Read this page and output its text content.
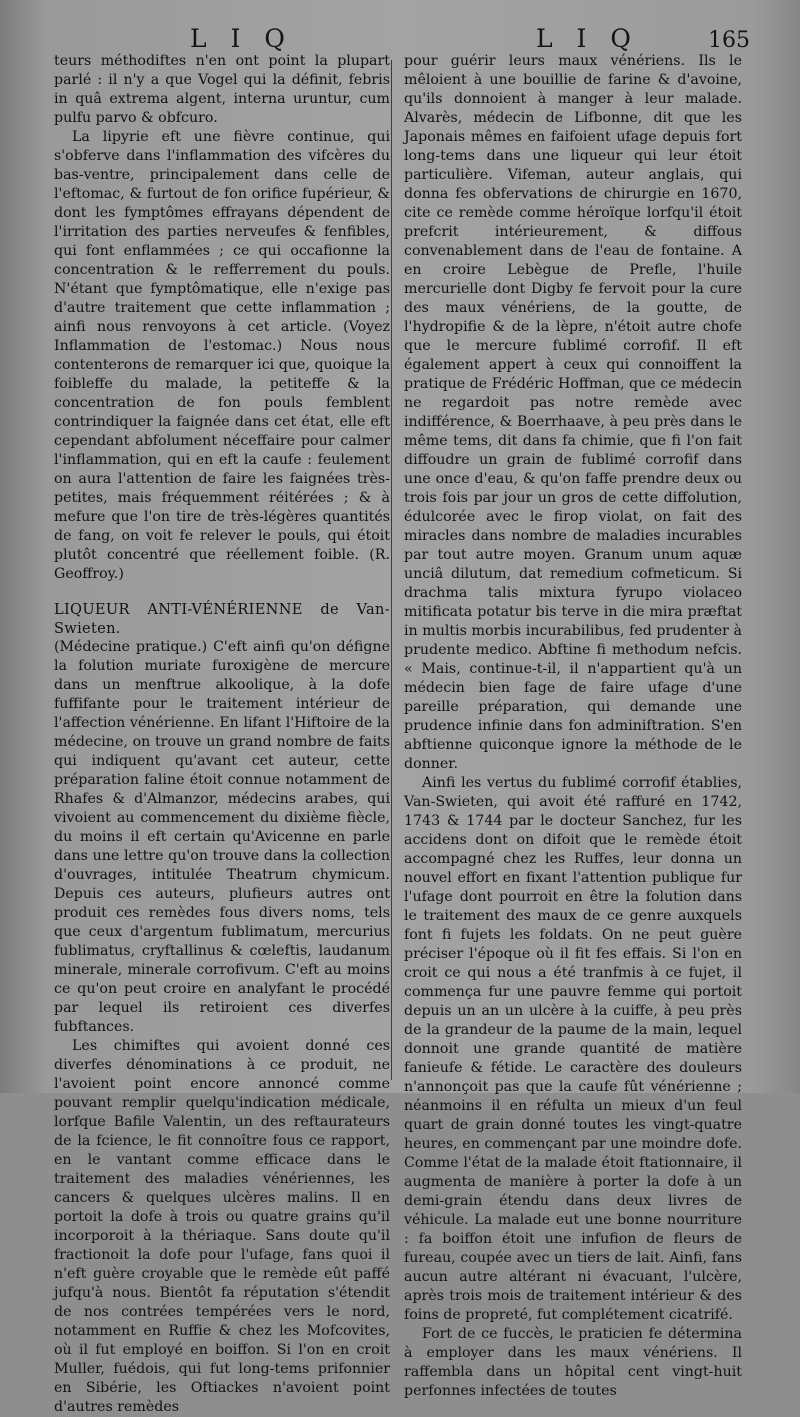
L I Q	L I Q	165

teurs méthodiftes n'en ont point la plupart parlé : il n'y a que Vogel qui la définit, febris in quâ extrema algent, interna uruntur, cum pulfu parvo & obfcuro.

La lipyrie eft une fièvre continue, qui s'obferve dans l'inflammation des vifcères du bas-ventre, principalement dans celle de l'eftomac, & furtout de fon orifice fupérieur, & dont les fymptômes effrayans dépendent de l'irritation des parties nerveufes & fenfibles, qui font enflammées ; ce qui occafionne la concentration & le refferrement du pouls. N'étant que fymptômatique, elle n'exige pas d'autre traitement que cette inflammation ; ainfi nous renvoyons à cet article. (Voyez Inflammation de l'estomac.) Nous nous contenterons de remarquer ici que, quoique la foibleffe du malade, la petiteffe & la concentration de fon pouls femblent contrindiquer la faignée dans cet état, elle eft cependant abfolument néceffaire pour calmer l'inflammation, qui en eft la caufe : feulement on aura l'attention de faire les faignées très-petites, mais fréquemment réitérées ; & à mefure que l'on tire de très-légères quantités de fang, on voit fe relever le pouls, qui étoit plutôt concentré que réellement foible. (R. Geoffroy.)

LIQUEUR ANTI-VÉNÉRIENNE de Van-Swieten.

(Médecine pratique.) C'eft ainfi qu'on défigne la folution muriate furoxigène de mercure dans un menftrue alkoolique, à la dofe fuffifante pour le traitement intérieur de l'affection vénérienne. En lifant l'Hiftoire de la médecine, on trouve un grand nombre de faits qui indiquent qu'avant cet auteur, cette préparation faline étoit connue notamment de Rhafes & d'Almanzor, médecins arabes, qui vivoient au commencement du dixième fiècle, du moins il eft certain qu'Avicenne en parle dans une lettre qu'on trouve dans la collection d'ouvrages, intitulée Theatrum chymicum. Depuis ces auteurs, plufieurs autres ont produit ces remèdes fous divers noms, tels que ceux d'argentum fublimatum, mercurius fublimatus, cryftallinus & cœleftis, laudanum minerale, minerale corrofivum. C'eft au moins ce qu'on peut croire en analyfant le procédé par lequel ils retiroient ces diverfes fubftances.

Les chimiftes qui avoient donné ces diverfes dénominations à ce produit, ne l'avoient point encore annoncé comme pouvant remplir quelqu'indication médicale, lorfque Bafile Valentin, un des reftaurateurs de la fcience, le fit connoître fous ce rapport, en le vantant comme efficace dans le traitement des maladies vénériennes, les cancers & quelques ulcères malins. Il en portoit la dofe à trois ou quatre grains qu'il incorporoit à la thériaque. Sans doute qu'il fractionoit la dofe pour l'ufage, fans quoi il n'eft guère croyable que le remède eût paffé jufqu'à nous. Bientôt fa réputation s'étendit de nos contrées tempérées vers le nord, notamment en Ruffie & chez les Mofcovites, où il fut employé en boiffon. Si l'on en croit Muller, fuédois, qui fut long-tems prifonnier en Sibérie, les Oftiackes n'avoient point d'autres remèdes

pour guérir leurs maux vénériens. Ils le mêloient à une bouillie de farine & d'avoine, qu'ils donnoient à manger à leur malade. Alvarès, médecin de Lifbonne, dit que les Japonais mêmes en faifoient ufage depuis fort long-tems dans une liqueur qui leur étoit particulière. Vifeman, auteur anglais, qui donna fes obfervations de chirurgie en 1670, cite ce remède comme héroïque lorfqu'il étoit prefcrit intérieurement, & diffous convenablement dans de l'eau de fontaine. A en croire Lebègue de Prefle, l'huile mercurielle dont Digby fe fervoit pour la cure des maux vénériens, de la goutte, de l'hydropifie & de la lèpre, n'étoit autre chofe que le mercure fublimé corrofif. Il eft également appert à ceux qui connoiffent la pratique de Frédéric Hoffman, que ce médecin ne regardoit pas notre remède avec indifférence, & Boerrhaave, à peu près dans le même tems, dit dans fa chimie, que fi l'on fait diffoudre un grain de fublimé corrofif dans une once d'eau, & qu'on faffe prendre deux ou trois fois par jour un gros de cette diffolution, édulcorée avec le firop violat, on fait des miracles dans nombre de maladies incurables par tout autre moyen. Granum unum aquæ unciâ dilutum, dat remedium cofmeticum. Si drachma talis mixtura fyrupo violaceo mitificata potatur bis terve in die mira præftat in multis morbis incurabilibus, fed prudenter à prudente medico. Abftine fi methodum nefcis. « Mais, continue-t-il, il n'appartient qu'à un médecin bien fage de faire ufage d'une pareille préparation, qui demande une prudence infinie dans fon adminiftration. S'en abftienne quiconque ignore la méthode de le donner.

Ainfi les vertus du fublimé corrofif établies, Van-Swieten, qui avoit été raffuré en 1742, 1743 & 1744 par le docteur Sanchez, fur les accidens dont on difoit que le remède étoit accompagné chez les Ruffes, leur donna un nouvel effort en fixant l'attention publique fur l'ufage dont pourroit en être la folution dans le traitement des maux de ce genre auxquels font fi fujets les foldats. On ne peut guère préciser l'époque où il fit fes effais. Si l'on en croit ce qui nous a été tranfmis à ce fujet, il commença fur une pauvre femme qui portoit depuis un an un ulcère à la cuiffe, à peu près de la grandeur de la paume de la main, lequel donnoit une grande quantité de matière fanieufe & fétide. Le caractère des douleurs n'annonçoit pas que la caufe fût vénérienne ; néanmoins il en réfulta un mieux d'un feul quart de grain donné toutes les vingt-quatre heures, en commençant par une moindre dofe. Comme l'état de la malade étoit ftationnaire, il augmenta de manière à porter la dofe à un demi-grain étendu dans deux livres de véhicule. La malade eut une bonne nourriture : fa boiffon étoit une infufion de fleurs de fureau, coupée avec un tiers de lait. Ainfi, fans aucun autre altérant ni évacuant, l'ulcère, après trois mois de traitement intérieur & des foins de propreté, fut complétement cicatrifé.

Fort de ce fuccès, le praticien fe détermina à employer dans les maux vénériens. Il raffembla dans un hôpital cent vingt-huit perfonnes infectées de toutes
